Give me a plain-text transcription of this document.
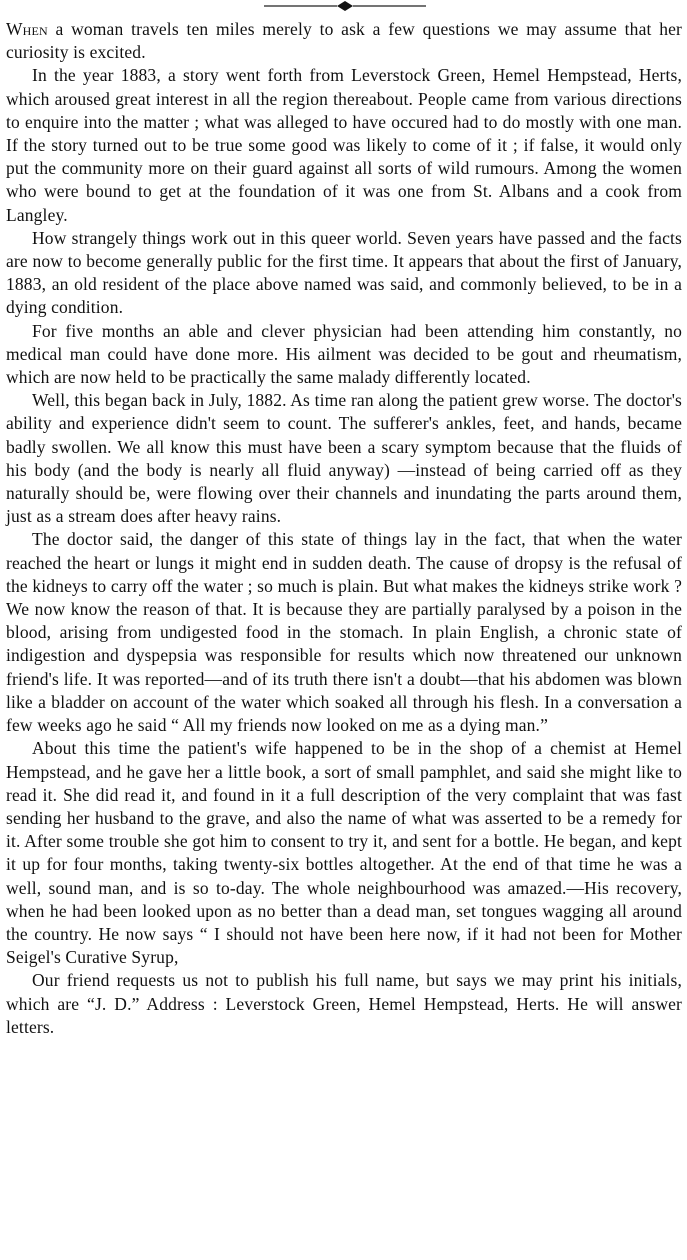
When a woman travels ten miles merely to ask a few questions we may assume that her curiosity is excited.

In the year 1883, a story went forth from Leverstock Green, Hemel Hempstead, Herts, which aroused great interest in all the region thereabout. People came from various directions to enquire into the matter ; what was alleged to have occured had to do mostly with one man. If the story turned out to be true some good was likely to come of it ; if false, it would only put the community more on their guard against all sorts of wild rumours. Among the women who were bound to get at the foundation of it was one from St. Albans and a cook from Langley.

How strangely things work out in this queer world. Seven years have passed and the facts are now to become generally public for the first time. It appears that about the first of January, 1883, an old resident of the place above named was said, and commonly believed, to be in a dying condition.

For five months an able and clever physician had been attending him constantly, no medical man could have done more. His ailment was decided to be gout and rheumatism, which are now held to be practically the same malady differently located.

Well, this began back in July, 1882. As time ran along the patient grew worse. The doctor's ability and experience didn't seem to count. The sufferer's ankles, feet, and hands, became badly swollen. We all know this must have been a scary symptom because that the fluids of his body (and the body is nearly all fluid anyway) —instead of being carried off as they naturally should be, were flowing over their channels and inundating the parts around them, just as a stream does after heavy rains.

The doctor said, the danger of this state of things lay in the fact, that when the water reached the heart or lungs it might end in sudden death. The cause of dropsy is the refusal of the kidneys to carry off the water ; so much is plain. But what makes the kidneys strike work ? We now know the reason of that. It is because they are partially paralysed by a poison in the blood, arising from undigested food in the stomach. In plain English, a chronic state of indigestion and dyspepsia was responsible for results which now threatened our unknown friend's life. It was reported—and of its truth there isn't a doubt—that his abdomen was blown like a bladder on account of the water which soaked all through his flesh. In a conversation a few weeks ago he said “ All my friends now looked on me as a dying man.”

About this time the patient's wife happened to be in the shop of a chemist at Hemel Hempstead, and he gave her a little book, a sort of small pamphlet, and said she might like to read it. She did read it, and found in it a full description of the very complaint that was fast sending her husband to the grave, and also the name of what was asserted to be a remedy for it. After some trouble she got him to consent to try it, and sent for a bottle. He began, and kept it up for four months, taking twenty-six bottles altogether. At the end of that time he was a well, sound man, and is so to-day. The whole neighbourhood was amazed.—His recovery, when he had been looked upon as no better than a dead man, set tongues wagging all around the country. He now says “ I should not have been here now, if it had not been for Mother Seigel's Curative Syrup,

Our friend requests us not to publish his full name, but says we may print his initials, which are “J. D.” Address : Leverstock Green, Hemel Hempstead, Herts. He will answer letters.
